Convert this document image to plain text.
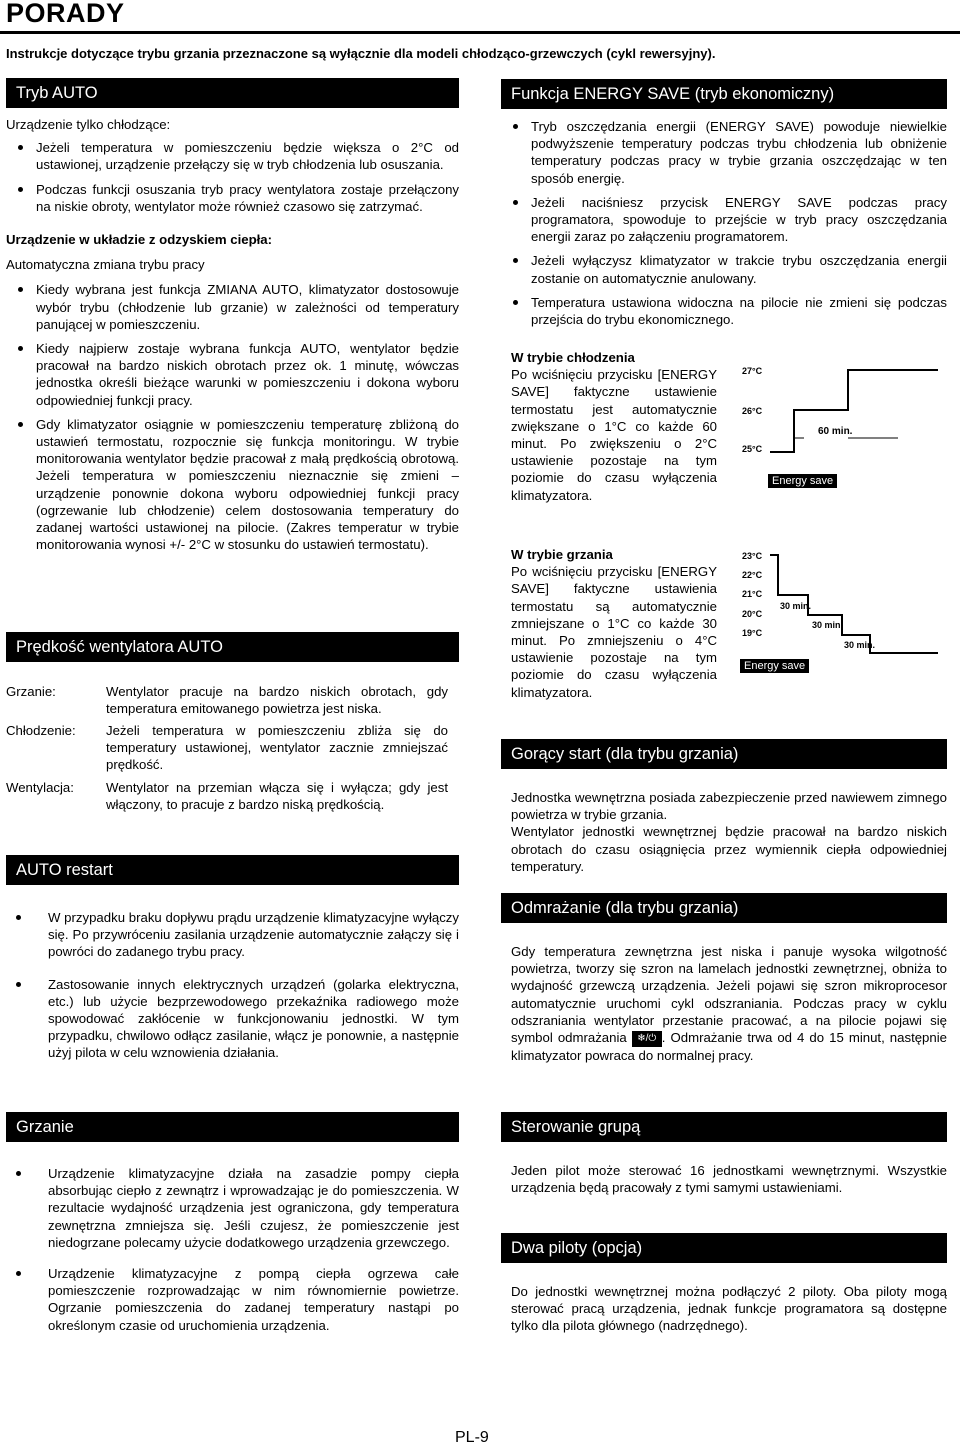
PORADY
Instrukcje dotyczące trybu grzania przeznaczone są wyłącznie dla modeli chłodząco-grzewczych (cykl rewersyjny).
Tryb AUTO
Urządzenie tylko chłodzące:
Jeżeli temperatura w pomieszczeniu będzie większa o 2°C od ustawionej, urządzenie przełączy się w tryb chłodzenia lub osuszania.
Podczas funkcji osuszania tryb pracy wentylatora zostaje przełączony na niskie obroty, wentylator może również czasowo się zatrzymać.
Urządzenie w układzie z odzyskiem ciepła:
Automatyczna zmiana trybu pracy
Kiedy wybrana jest funkcja ZMIANA AUTO, klimatyzator dostosowuje wybór trybu (chłodzenie lub grzanie) w zależności od temperatury panującej w pomieszczeniu.
Kiedy najpierw zostaje wybrana funkcja AUTO, wentylator będzie pracował na bardzo niskich obrotach przez ok. 1 minutę, wówczas jednostka określi bieżące warunki w pomieszczeniu i dokona wyboru odpowiedniej funkcji pracy.
Gdy klimatyzator osiągnie w pomieszczeniu temperaturę zbliżoną do ustawień termostatu, rozpocznie się funkcja monitoringu. W trybie monitorowania wentylator będzie pracował z małą prędkością obrotową. Jeżeli temperatura w pomieszczeniu nieznacznie się zmieni – urządzenie ponownie dokona wyboru odpowiedniej funkcji pracy (ogrzewanie lub chłodzenie) celem dostosowania temperatury do zadanej wartości ustawionej na pilocie. (Zakres temperatur w trybie monitorowania wynosi +/- 2°C w stosunku do ustawień termostatu).
Prędkość wentylatora AUTO
Grzanie:	Wentylator pracuje na bardzo niskich obrotach, gdy temperatura emitowanego powietrza jest niska.
Chłodzenie: Jeżeli temperatura w pomieszczeniu zbliża się do temperatury ustawionej, wentylator zacznie zmniejszać prędkość.
Wentylacja: Wentylator na przemian włącza się i wyłącza; gdy jest włączony, to pracuje z bardzo niską prędkością.
AUTO restart
W przypadku braku dopływu prądu urządzenie klimatyzacyjne wyłączy się. Po przywróceniu zasilania urządzenie automatycznie załączy się i powróci do zadanego trybu pracy.
Zastosowanie innych elektrycznych urządzeń (golarka elektryczna, etc.) lub użycie bezprzewodowego przekaźnika radiowego może spowodować zakłócenie w funkcjonowaniu jednostki. W tym przypadku, chwilowo odłącz zasilanie, włącz je ponownie, a następnie użyj pilota w celu wznowienia działania.
Grzanie
Urządzenie klimatyzacyjne działa na zasadzie pompy ciepła absorbując ciepło z zewnątrz i wprowadzając je do pomieszczenia. W rezultacie wydajność urządzenia jest ograniczona, gdy temperatura zewnętrzna zmniejsza się. Jeśli czujesz, że pomieszczenie jest niedogrzane polecamy użycie dodatkowego urządzenia grzewczego.
Urządzenie klimatyzacyjne z pompą ciepła ogrzewa całe pomieszczenie rozprowadzając w nim równomiernie powietrze. Ogrzanie pomieszczenia do zadanej temperatury nastąpi po określonym czasie od uruchomienia urządzenia.
Funkcja ENERGY SAVE (tryb ekonomiczny)
Tryb oszczędzania energii (ENERGY SAVE) powoduje niewielkie podwyższenie temperatury podczas trybu chłodzenia lub obniżenie temperatury podczas pracy w trybie grzania oszczędzając w ten sposób energię.
Jeżeli naciśniesz przycisk ENERGY SAVE podczas pracy programatora, spowoduje to przejście w tryb pracy oszczędzania energii zaraz po załączeniu programatorem.
Jeżeli wyłączysz klimatyzator w trakcie trybu oszczędzania energii zostanie on automatycznie anulowany.
Temperatura ustawiona widoczna na pilocie nie zmieni się podczas przejścia do trybu ekonomicznego.
W trybie chłodzenia
Po wciśnięciu przycisku [ENERGY SAVE] faktyczne ustawienie termostatu jest automatycznie zwiększane o 1°C co każde 60 minut. Po zwiększeniu o 2°C ustawienie pozostaje na tym poziomie do czasu wyłączenia klimatyzatora.
27°C
26°C
25°C
60 min.
Energy save
W trybie grzania
Po wciśnięciu przycisku [ENERGY SAVE] faktyczne ustawienia termostatu są automatycznie zmniejszane o 1°C co każde 30 minut. Po zmniejszeniu o 4°C ustawienie pozostaje na tym poziomie do czasu wyłączenia klimatyzatora.
23°C
22°C
21°C
20°C
19°C
30 min.
30 min.
30 min.
Energy save
Gorący start (dla trybu grzania)
Jednostka wewnętrzna posiada zabezpieczenie przed nawiewem zimnego powietrza w trybie grzania.
Wentylator jednostki wewnętrznej będzie pracował na bardzo niskich obrotach do czasu osiągnięcia przez wymiennik ciepła odpowiedniej temperatury.
Odmrażanie (dla trybu grzania)
Gdy temperatura zewnętrzna jest niska i panuje wysoka wilgotność powietrza, tworzy się szron na lamelach jednostki zewnętrznej, obniża to wydajność grzewczą urządzenia. Jeżeli pojawi się szron mikroprocesor automatycznie uruchomi cykl odszraniania. Podczas pracy w cyklu odszraniania wentylator przestanie pracować, a na pilocie pojawi się symbol odmrażania ❄/⏻ . Odmrażanie trwa od 4 do 15 minut, następnie klimatyzator powraca do normalnej pracy.
Sterowanie grupą
Jeden pilot może sterować 16 jednostkami wewnętrznymi. Wszystkie urządzenia będą pracowały z tymi samymi ustawieniami.
Dwa piloty (opcja)
Do jednostki wewnętrznej można podłączyć 2 piloty. Oba piloty mogą sterować pracą urządzenia, jednak funkcje programatora są dostępne tylko dla pilota głównego (nadrzędnego).
PL-9
